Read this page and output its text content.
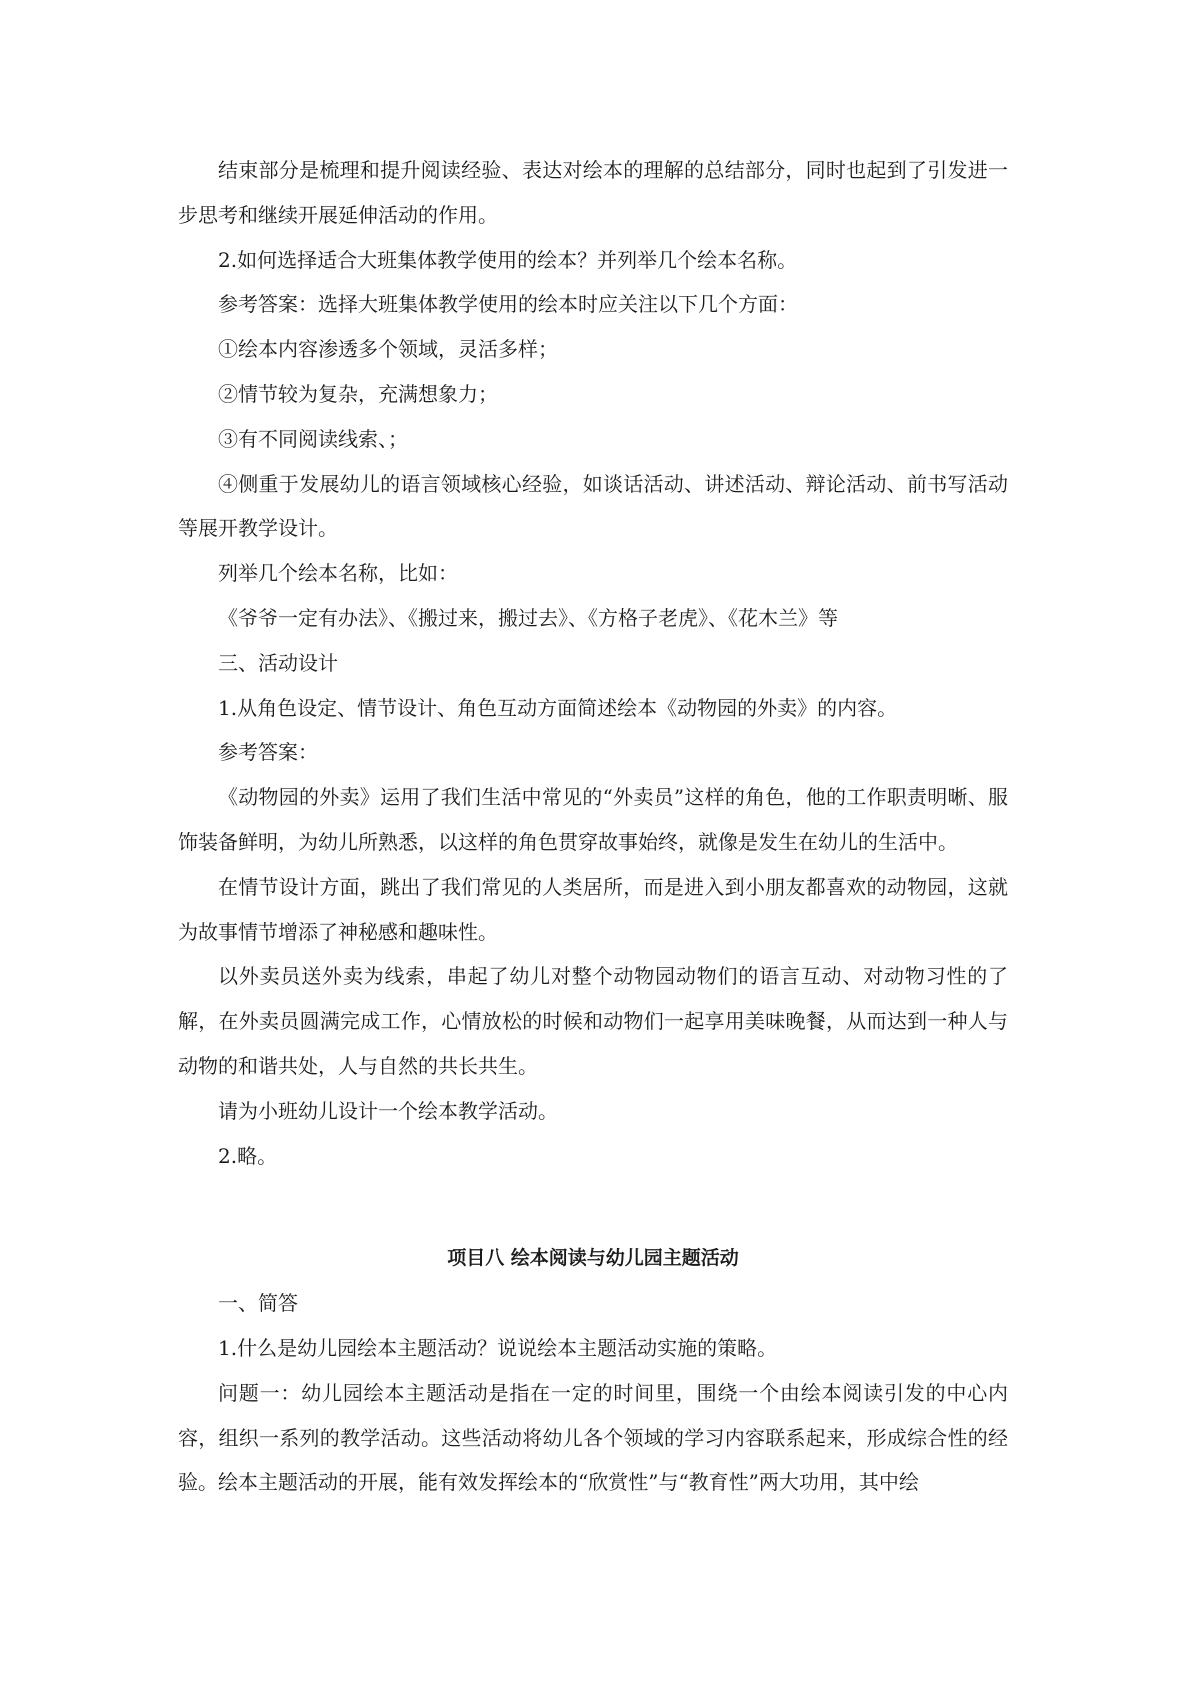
结束部分是梳理和提升阅读经验、表达对绘本的理解的总结部分，同时也起到了引发进一步思考和继续开展延伸活动的作用。

2.如何选择适合大班集体教学使用的绘本？并列举几个绘本名称。

参考答案：选择大班集体教学使用的绘本时应关注以下几个方面：

①绘本内容渗透多个领域，灵活多样；

②情节较为复杂，充满想象力；

③有不同阅读线索、；

④侧重于发展幼儿的语言领域核心经验，如谈话活动、讲述活动、辩论活动、前书写活动等展开教学设计。

列举几个绘本名称，比如：

《爷爷一定有办法》、《搬过来，搬过去》、《方格子老虎》、《花木兰》等

三、活动设计

1.从角色设定、情节设计、角色互动方面简述绘本《动物园的外卖》的内容。

参考答案：

《动物园的外卖》运用了我们生活中常见的“外卖员”这样的角色，他的工作职责明晰、服饰装备鲜明，为幼儿所熟悉，以这样的角色贯穿故事始终，就像是发生在幼儿的生活中。

在情节设计方面，跳出了我们常见的人类居所，而是进入到小朋友都喜欢的动物园，这就为故事情节增添了神秘感和趣味性。

以外卖员送外卖为线索，串起了幼儿对整个动物园动物们的语言互动、对动物习性的了解，在外卖员圆满完成工作，心情放松的时候和动物们一起享用美味晚餐，从而达到一种人与动物的和谐共处，人与自然的共长共生。

请为小班幼儿设计一个绘本教学活动。

2.略。

项目八 绘本阅读与幼儿园主题活动

一、简答

1.什么是幼儿园绘本主题活动？说说绘本主题活动实施的策略。

问题一：幼儿园绘本主题活动是指在一定的时间里，围绕一个由绘本阅读引发的中心内容，组织一系列的教学活动。这些活动将幼儿各个领域的学习内容联系起来，形成综合性的经验。绘本主题活动的开展，能有效发挥绘本的“欣赏性”与“教育性”两大功用，其中绘
